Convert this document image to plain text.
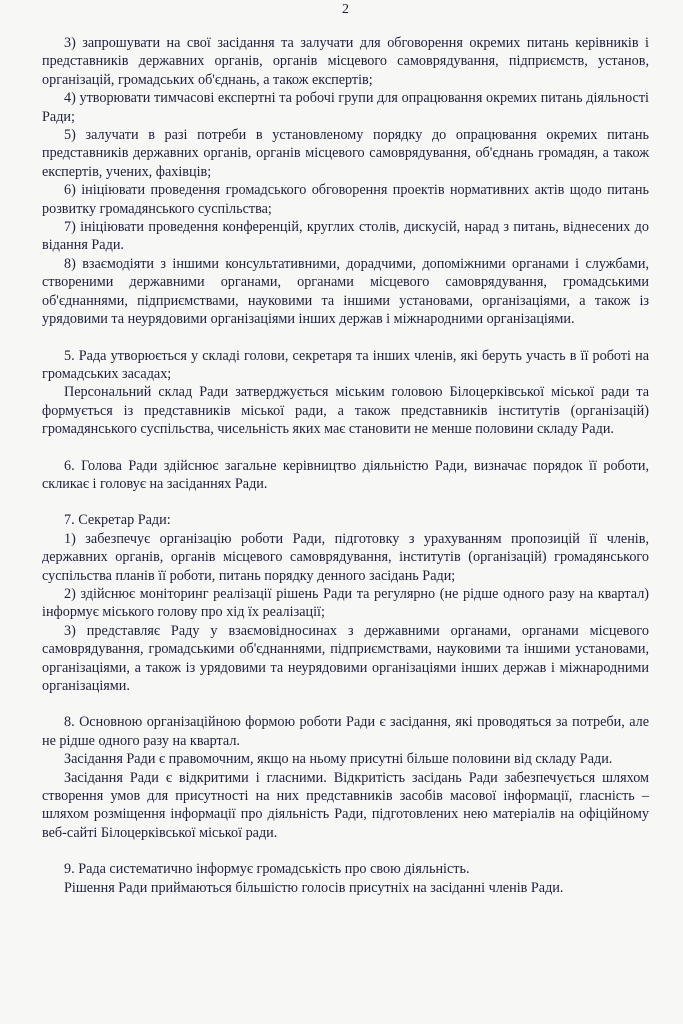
2

3) запрошувати на свої засідання та залучати для обговорення окремих питань керівників і представників державних органів, органів місцевого самоврядування, підприємств, установ, організацій, громадських об'єднань, а також експертів;

4) утворювати тимчасові експертні та робочі групи для опрацювання окремих питань діяльності Ради;

5) залучати в разі потреби в установленому порядку до опрацювання окремих питань представників державних органів, органів місцевого самоврядування, об'єднань громадян, а також експертів, учених, фахівців;

6) ініціювати проведення громадського обговорення проектів нормативних актів щодо питань розвитку громадянського суспільства;

7) ініціювати проведення конференцій, круглих столів, дискусій, нарад з питань, віднесених до відання Ради.

8) взаємодіяти з іншими консультативними, дорадчими, допоміжними органами і службами, створеними державними органами, органами місцевого самоврядування, громадськими об'єднаннями, підприємствами, науковими та іншими установами, організаціями, а також із урядовими та неурядовими організаціями інших держав і міжнародними організаціями.

5. Рада утворюється у складі голови, секретаря та інших членів, які беруть участь в її роботі на громадських засадах;

Персональний склад Ради затверджується міським головою Білоцерківської міської ради та формується із представників міської ради, а також представників інститутів (організацій) громадянського суспільства, чисельність яких має становити не менше половини складу Ради.

6. Голова Ради здійснює загальне керівництво діяльністю Ради, визначає порядок її роботи, скликає і головує на засіданнях Ради.

7. Секретар Ради:

1) забезпечує організацію роботи Ради, підготовку з урахуванням пропозицій її членів, державних органів, органів місцевого самоврядування, інститутів (організацій) громадянського суспільства планів її роботи, питань порядку денного засідань Ради;

2) здійснює моніторинг реалізації рішень Ради та регулярно (не рідше одного разу на квартал) інформує міського голову про хід їх реалізації;

3) представляє Раду у взаємовідносинах з державними органами, органами місцевого самоврядування, громадськими об'єднаннями, підприємствами, науковими та іншими установами, організаціями, а також із урядовими та неурядовими організаціями інших держав і міжнародними організаціями.

8. Основною організаційною формою роботи Ради є засідання, які проводяться за потреби, але не рідше одного разу на квартал.

Засідання Ради є правомочним, якщо на ньому присутні більше половини від складу Ради.

Засідання Ради є відкритими і гласними. Відкритість засідань Ради забезпечується шляхом створення умов для присутності на них представників засобів масової інформації, гласність – шляхом розміщення інформації про діяльність Ради, підготовлених нею матеріалів на офіційному веб-сайті Білоцерківської міської ради.

9. Рада систематично інформує громадськість про свою діяльність.

Рішення Ради приймаються більшістю голосів присутніх на засіданні членів Ради.
